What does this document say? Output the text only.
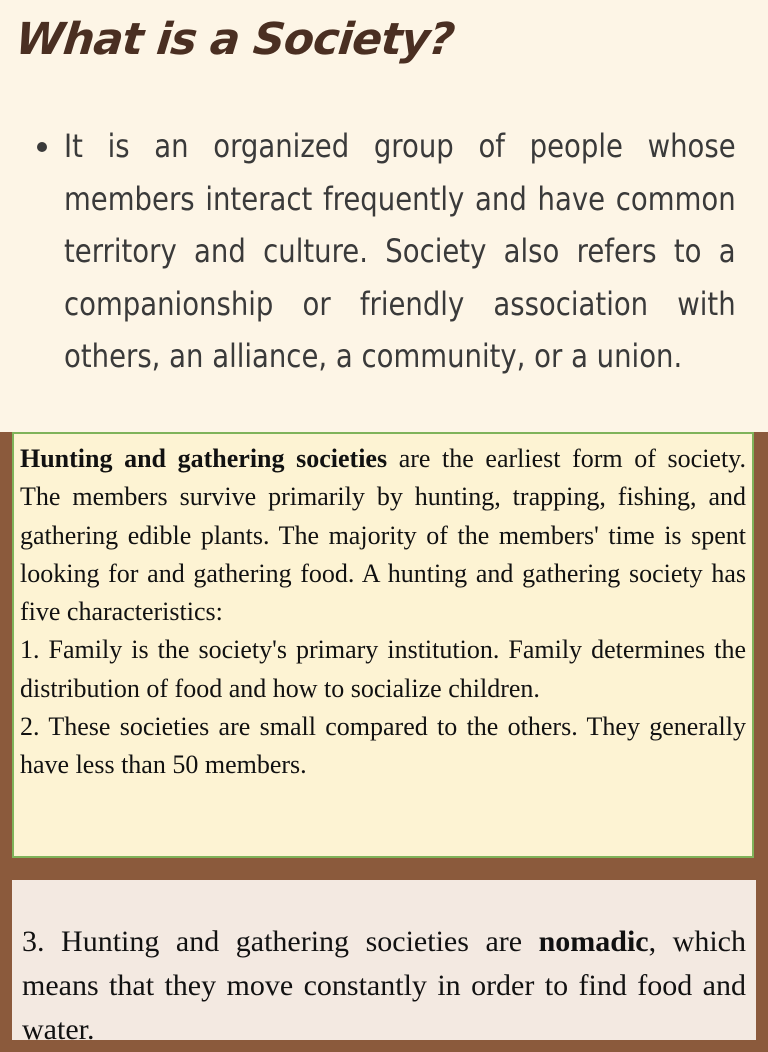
What is a Society?

It is an organized group of people whose members interact frequently and have common territory and culture. Society also refers to a companionship or friendly association with others, an alliance, a community, or a union.

Hunting and gathering societies are the earliest form of society. The members survive primarily by hunting, trapping, fishing, and gathering edible plants. The majority of the members' time is spent looking for and gathering food. A hunting and gathering society has five characteristics:

1. Family is the society's primary institution. Family determines the distribution of food and how to socialize children.

2. These societies are small compared to the others. They generally have less than 50 members.

3. Hunting and gathering societies are nomadic, which means that they move constantly in order to find food and water.
